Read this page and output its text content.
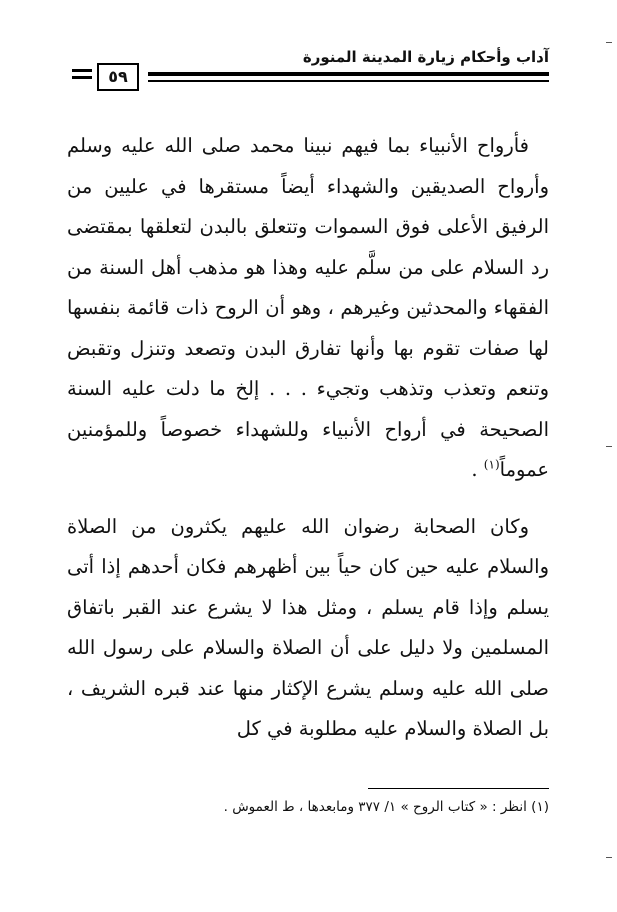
آداب وأحكام زيارة المدينة المنورة
٥٩

فأرواح الأنبياء بما فيهم نبينا محمد صلى الله عليه وسلم وأرواح الصديقين والشهداء أيضاً مستقرها في عليين من الرفيق الأعلى فوق السموات وتتعلق بالبدن لتعلقها بمقتضى رد السلام على من سلَّم عليه وهذا هو مذهب أهل السنة من الفقهاء والمحدثين وغيرهم ، وهو أن الروح ذات قائمة بنفسها لها صفات تقوم بها وأنها تفارق البدن وتصعد وتنزل وتقبض وتنعم وتعذب وتذهب وتجيء . . . إلخ ما دلت عليه السنة الصحيحة في أرواح الأنبياء وللشهداء خصوصاً وللمؤمنين عموماً$^{(١)}$ .

وكان الصحابة رضوان الله عليهم يكثرون من الصلاة والسلام عليه حين كان حياً بين أظهرهم فكان أحدهم إذا أتى يسلم وإذا قام يسلم ، ومثل هذا لا يشرع عند القبر باتفاق المسلمين ولا دليل على أن الصلاة والسلام على رسول الله صلى الله عليه وسلم يشرع الإكثار منها عند قبره الشريف ، بل الصلاة والسلام عليه مطلوبة في كل

(١) انظر : « كتاب الروح » ١/ ٣٧٧ ومابعدها ، ط العموش .
